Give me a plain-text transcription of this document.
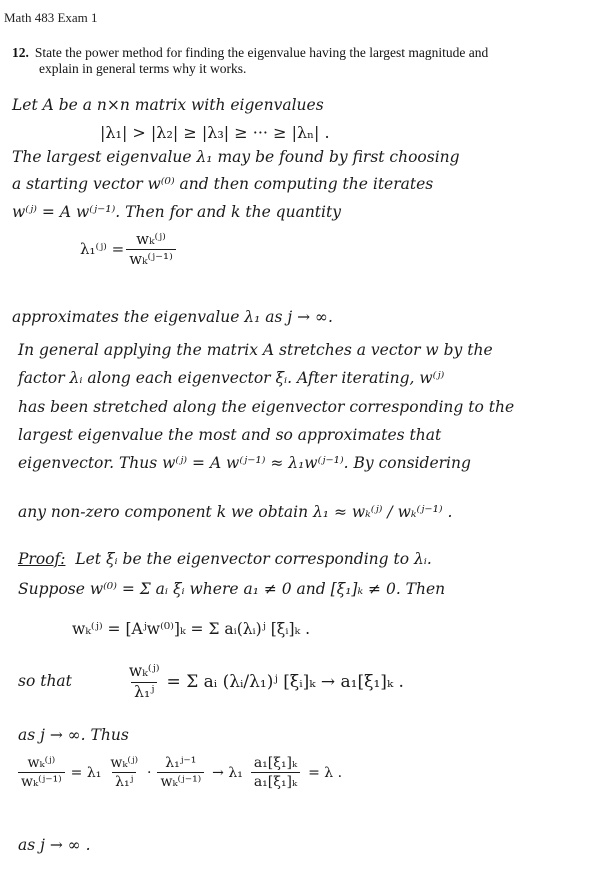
Math 483 Exam 1
12. State the power method for finding the eigenvalue having the largest magnitude and
explain in general terms why it works.
Let A be a n×n matrix with eigenvalues
|λ₁| > |λ₂| ≥ |λ₃| ≥ ··· ≥ |λₙ| .
The largest eigenvalue λ₁ may be found by first choosing
a starting vector w⁽⁰⁾ and then computing the iterates
w⁽ʲ⁾ = A w⁽ʲ⁻¹⁾. Then for and k the quantity
λ₁⁽ʲ⁾ = $\frac{\text{wₖ⁽ʲ⁾}}{\text{wₖ⁽ʲ⁻¹⁾}}$
approximates the eigenvalue λ₁ as j → ∞.
In general applying the matrix A stretches a vector w by the
factor λᵢ along each eigenvector ξᵢ. After iterating, w⁽ʲ⁾
has been stretched along the eigenvector corresponding to the
largest eigenvalue the most and so approximates that
eigenvector. Thus w⁽ʲ⁾ = A w⁽ʲ⁻¹⁾ ≈ λ₁w⁽ʲ⁻¹⁾. By considering
any non-zero component k we obtain λ₁ ≈ wₖ⁽ʲ⁾ / wₖ⁽ʲ⁻¹⁾ .
Proof: Let ξᵢ be the eigenvector corresponding to λᵢ.
Suppose w⁽⁰⁾ = Σ aᵢ ξᵢ where a₁ ≠ 0 and [ξ₁]ₖ ≠ 0. Then
wₖ⁽ʲ⁾ = [Aʲw⁽⁰⁾]ₖ = Σ aᵢ(λᵢ)ʲ [ξᵢ]ₖ .
so that	$\frac{\text{wₖ⁽ʲ⁾}}{\text{λ₁ʲ}} = \Sigma$ aᵢ (λᵢ/λ₁)ʲ [ξᵢ]ₖ → a₁[ξ₁]ₖ .
as j → ∞. Thus
$\frac{\text{wₖ⁽ʲ⁾}}{\text{wₖ⁽ʲ⁻¹⁾}} = \lambda_1 \frac{\text{wₖ⁽ʲ⁾}}{\text{λ₁ʲ}} \cdot \frac{\text{λ₁ʲ⁻¹}}{\text{wₖ⁽ʲ⁻¹⁾}} \to \lambda_1 \frac{\text{a₁[ξ₁]ₖ}}{\text{a₁[ξ₁]ₖ}} = \lambda$ .
as j → ∞ .
